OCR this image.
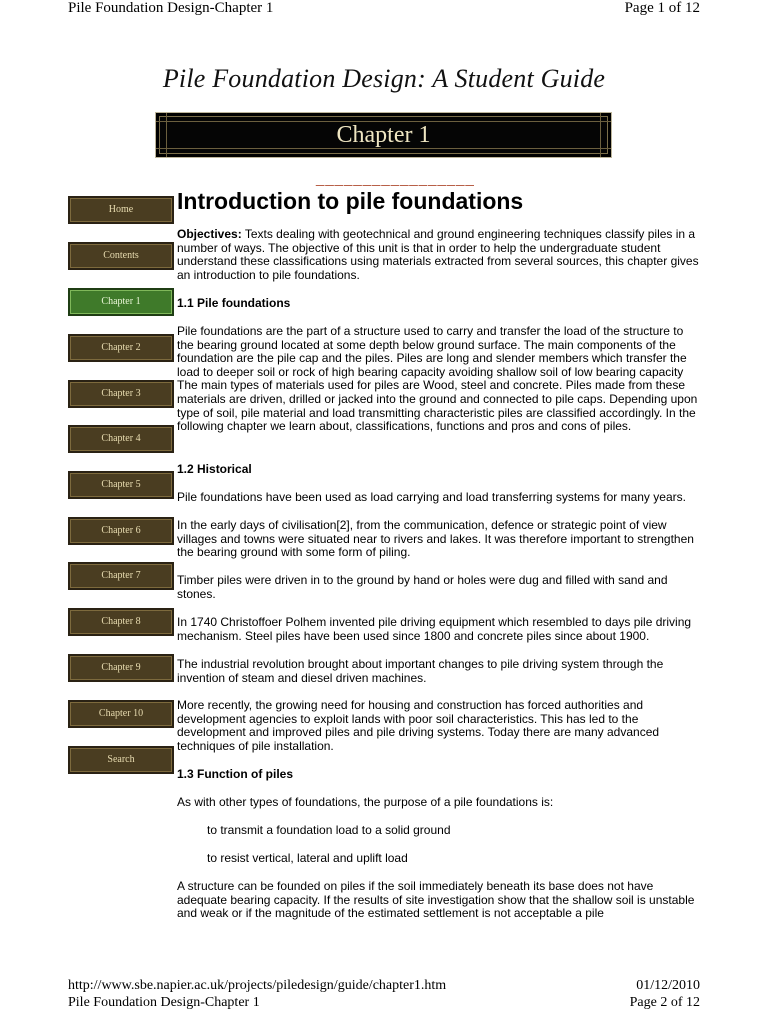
Pile Foundation Design-Chapter 1	Page 1 of 12
Pile Foundation Design: A Student Guide
Chapter 1
_________________
Home
Contents
Chapter 1
Chapter 2
Chapter 3
Chapter 4
Chapter 5
Chapter 6
Chapter 7
Chapter 8
Chapter 9
Chapter 10
Search
Introduction to pile foundations

Objectives: Texts dealing with geotechnical and ground engineering techniques classify piles in a number of ways. The objective of this unit is that in order to help the undergraduate student understand these classifications using materials extracted from several sources, this chapter gives an introduction to pile foundations.

1.1 Pile foundations

Pile foundations are the part of a structure used to carry and transfer the load of the structure to the bearing ground located at some depth below ground surface. The main components of the foundation are the pile cap and the piles. Piles are long and slender members which transfer the load to deeper soil or rock of high bearing capacity avoiding shallow soil of low bearing capacity The main types of materials used for piles are Wood, steel and concrete. Piles made from these materials are driven, drilled or jacked into the ground and connected to pile caps. Depending upon type of soil, pile material and load transmitting characteristic piles are classified accordingly. In the following chapter we learn about, classifications, functions and pros and cons of piles.

1.2 Historical

Pile foundations have been used as load carrying and load transferring systems for many years.

In the early days of civilisation[2], from the communication, defence or strategic point of view villages and towns were situated near to rivers and lakes. It was therefore important to strengthen the bearing ground with some form of piling.

Timber piles were driven in to the ground by hand or holes were dug and filled with sand and stones.

In 1740 Christoffoer Polhem invented pile driving equipment which resembled to days pile driving mechanism. Steel piles have been used since 1800 and concrete piles since about 1900.

The industrial revolution brought about important changes to pile driving system through the invention of steam and diesel driven machines.

More recently, the growing need for housing and construction has forced authorities and development agencies to exploit lands with poor soil characteristics. This has led to the development and improved piles and pile driving systems. Today there are many advanced techniques of pile installation.

1.3 Function of piles

As with other types of foundations, the purpose of a pile foundations is:

to transmit a foundation load to a solid ground

to resist vertical, lateral and uplift load

A structure can be founded on piles if the soil immediately beneath its base does not have adequate bearing capacity. If the results of site investigation show that the shallow soil is unstable and weak or if the magnitude of the estimated settlement is not acceptable a pile

http://www.sbe.napier.ac.uk/projects/piledesign/guide/chapter1.htm	01/12/2010
Pile Foundation Design-Chapter 1	Page 2 of 12
